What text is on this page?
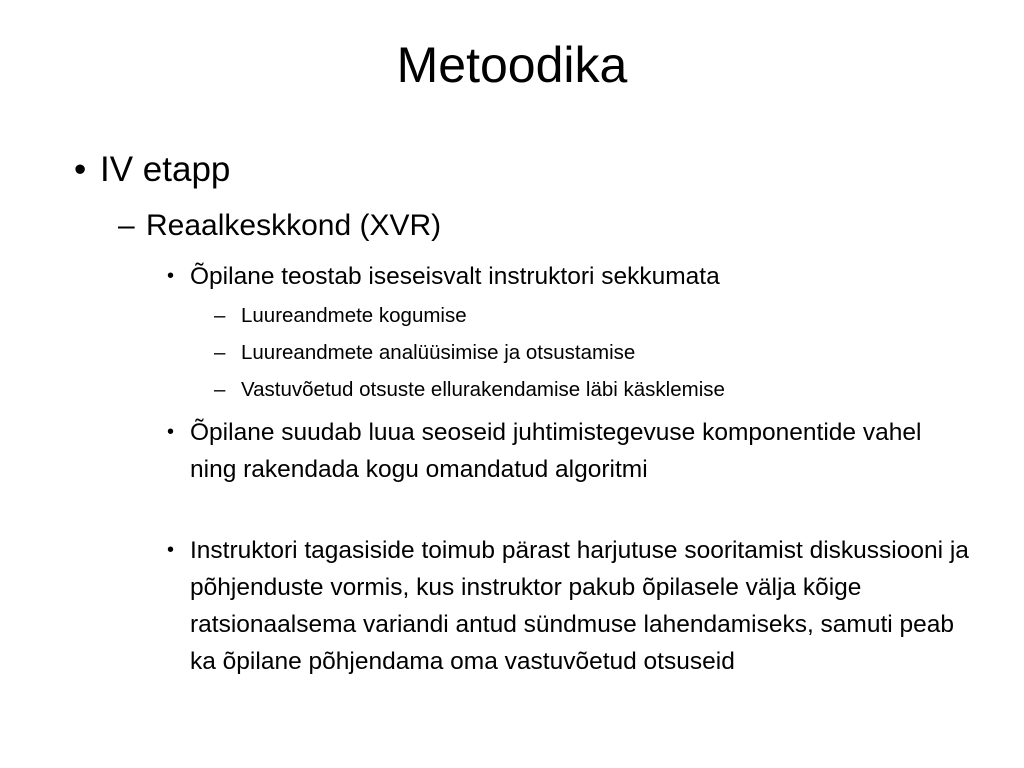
Metoodika
• IV etapp
– Reaalkeskkond (XVR)
• Õpilane teostab iseseisvalt instruktori sekkumata
– Luureandmete kogumise
– Luureandmete analüüsimise ja otsustamise
– Vastuvõetud otsuste ellurakendamise läbi käsklemise
• Õpilane suudab luua seoseid juhtimistegevuse komponentide vahel ning rakendada kogu omandatud algoritmi
• Instruktori tagasiside toimub pärast harjutuse sooritamist diskussiooni ja põhjenduste vormis, kus instruktor pakub õpilasele välja kõige ratsionaalsema variandi antud sündmuse lahendamiseks, samuti peab ka õpilane põhjendama oma vastuvõetud otsuseid
